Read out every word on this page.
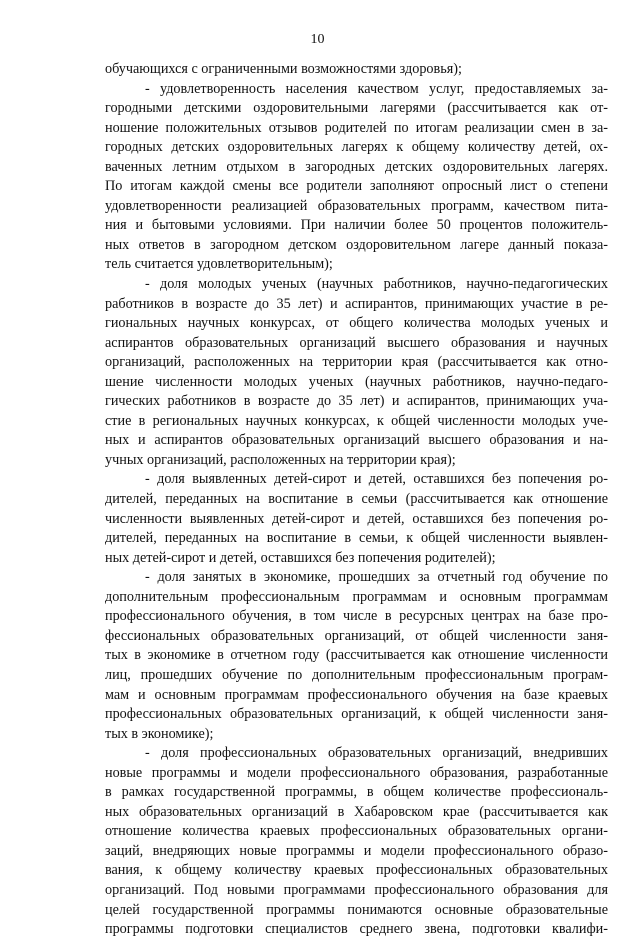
10
обучающихся с ограниченными возможностями здоровья);
- удовлетворенность населения качеством услуг, предоставляемых за-
городными детскими оздоровительными лагерями (рассчитывается как от-
ношение положительных отзывов родителей по итогам реализации смен в за-
городных детских оздоровительных лагерях к общему количеству детей, ох-
ваченных летним отдыхом в загородных детских оздоровительных лагерях.
По итогам каждой смены все родители заполняют опросный лист о степени
удовлетворенности реализацией образовательных программ, качеством пита-
ния и бытовыми условиями. При наличии более 50 процентов положитель-
ных ответов в загородном детском оздоровительном лагере данный показа-
тель считается удовлетворительным);
- доля молодых ученых (научных работников, научно-педагогических
работников в возрасте до 35 лет) и аспирантов, принимающих участие в ре-
гиональных научных конкурсах, от общего количества молодых ученых и
аспирантов образовательных организаций высшего образования и научных
организаций, расположенных на территории края (рассчитывается как отно-
шение численности молодых ученых (научных работников, научно-педаго-
гических работников в возрасте до 35 лет) и аспирантов, принимающих уча-
стие в региональных научных конкурсах, к общей численности молодых уче-
ных и аспирантов образовательных организаций высшего образования и на-
учных организаций, расположенных на территории края);
- доля выявленных детей-сирот и детей, оставшихся без попечения ро-
дителей, переданных на воспитание в семьи (рассчитывается как отношение
численности выявленных детей-сирот и детей, оставшихся без попечения ро-
дителей, переданных на воспитание в семьи, к общей численности выявлен-
ных детей-сирот и детей, оставшихся без попечения родителей);
- доля занятых в экономике, прошедших за отчетный год обучение по
дополнительным профессиональным программам и основным программам
профессионального обучения, в том числе в ресурсных центрах на базе про-
фессиональных образовательных организаций, от общей численности заня-
тых в экономике в отчетном году (рассчитывается как отношение численности
лиц, прошедших обучение по дополнительным профессиональным програм-
мам и основным программам профессионального обучения на базе краевых
профессиональных образовательных организаций, к общей численности заня-
тых в экономике);
- доля профессиональных образовательных организаций, внедривших
новые программы и модели профессионального образования, разработанные
в рамках государственной программы, в общем количестве профессиональ-
ных образовательных организаций в Хабаровском крае (рассчитывается как
отношение количества краевых профессиональных образовательных органи-
заций, внедряющих новые программы и модели профессионального образо-
вания, к общему количеству краевых профессиональных образовательных
организаций. Под новыми программами профессионального образования для
целей государственной программы понимаются основные образовательные
программы подготовки специалистов среднего звена, подготовки квалифи-
